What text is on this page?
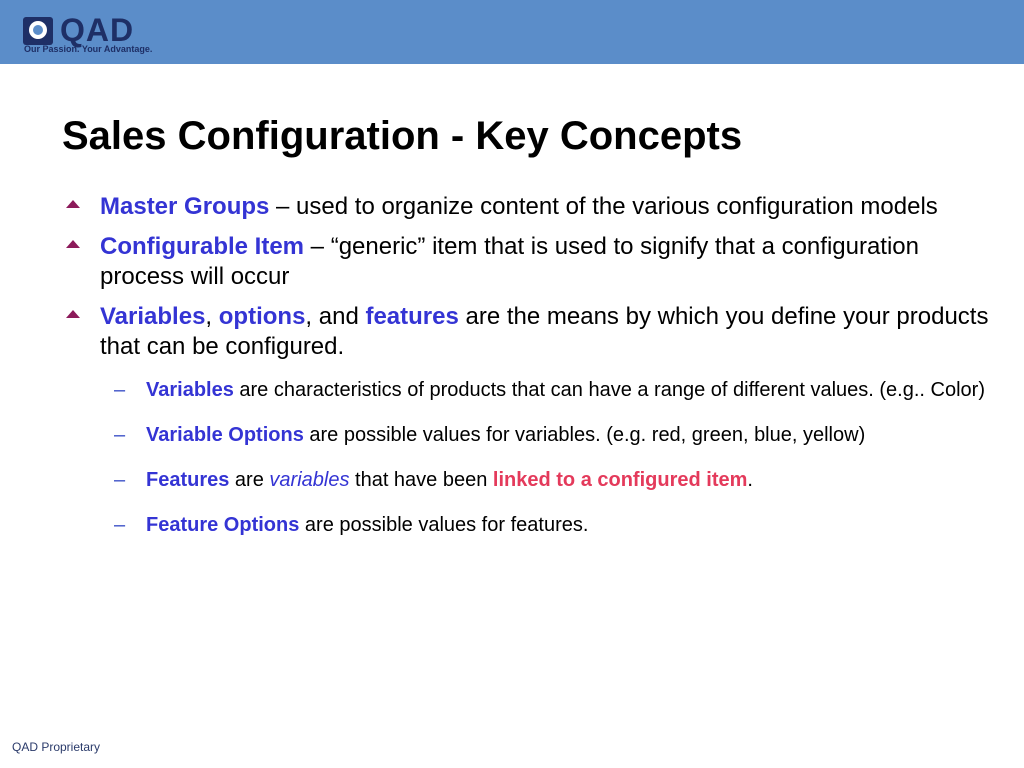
QAD
Our Passion. Your Advantage.
Sales Configuration - Key Concepts
Master Groups – used to organize content of the various configuration models
Configurable Item – “generic” item that is used to signify that a configuration process will occur
Variables, options, and features are the means by which you define your products that can be configured.
– Variables are characteristics of products that can have a range of different values. (e.g.. Color)
– Variable Options are possible values for variables. (e.g. red, green, blue, yellow)
– Features are variables that have been linked to a configured item.
– Feature Options are possible values for features.
QAD Proprietary
